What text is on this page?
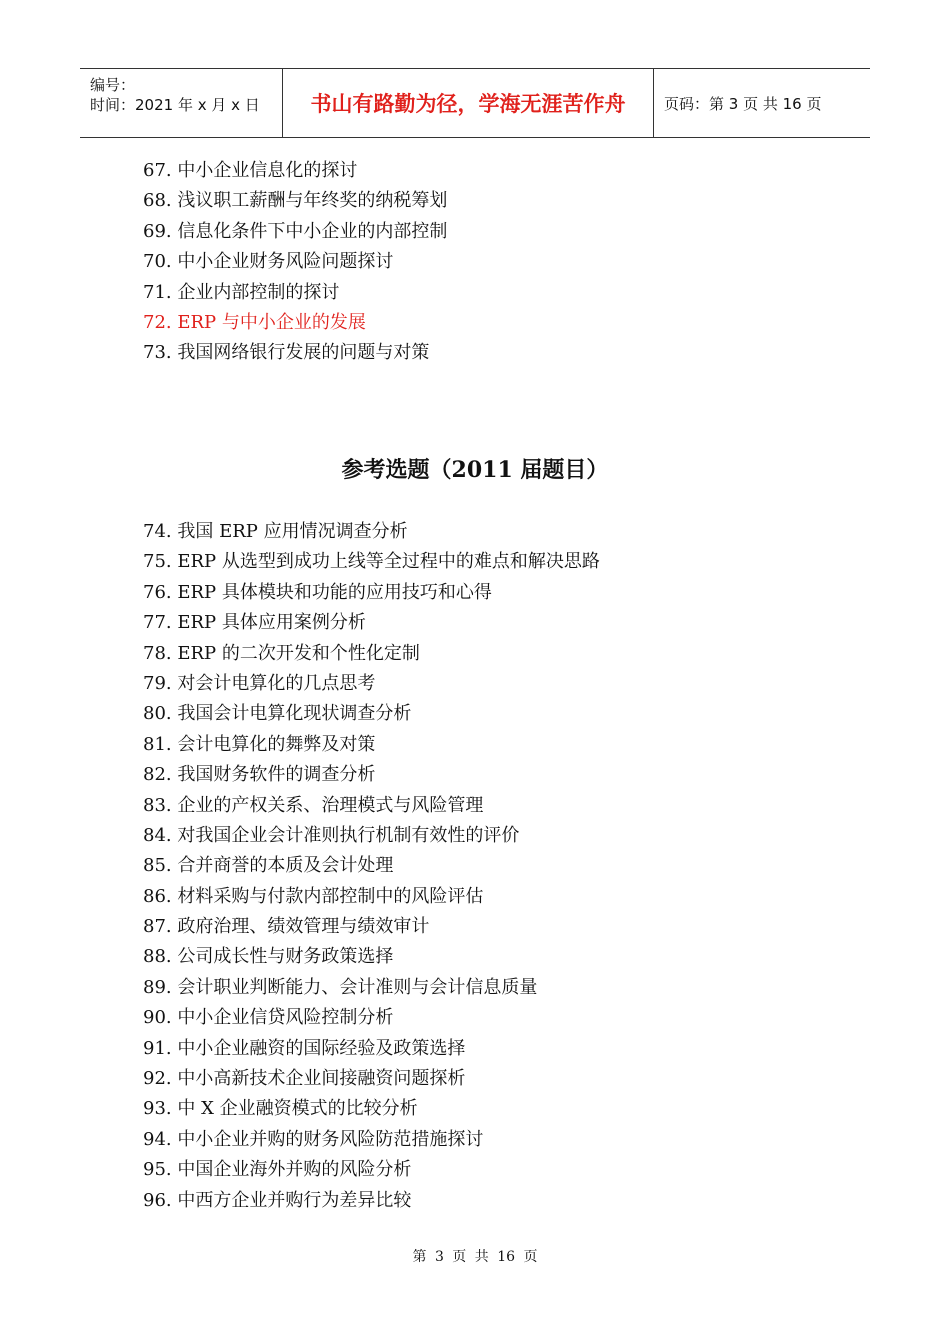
编号：
时间：2021 年 x 月 x 日	书山有路勤为径，学海无涯苦作舟	页码：第 3 页 共 16 页
67. 中小企业信息化的探讨
68. 浅议职工薪酬与年终奖的纳税筹划
69. 信息化条件下中小企业的内部控制
70. 中小企业财务风险问题探讨
71. 企业内部控制的探讨
72. ERP 与中小企业的发展
73. 我国网络银行发展的问题与对策
参考选题（2011 届题目）
74. 我国 ERP 应用情况调查分析
75. ERP 从选型到成功上线等全过程中的难点和解决思路
76. ERP 具体模块和功能的应用技巧和心得
77. ERP 具体应用案例分析
78. ERP 的二次开发和个性化定制
79. 对会计电算化的几点思考
80. 我国会计电算化现状调查分析
81. 会计电算化的舞弊及对策
82. 我国财务软件的调查分析
83. 企业的产权关系、治理模式与风险管理
84. 对我国企业会计准则执行机制有效性的评价
85. 合并商誉的本质及会计处理
86. 材料采购与付款内部控制中的风险评估
87. 政府治理、绩效管理与绩效审计
88. 公司成长性与财务政策选择
89. 会计职业判断能力、会计准则与会计信息质量
90. 中小企业信贷风险控制分析
91. 中小企业融资的国际经验及政策选择
92. 中小高新技术企业间接融资问题探析
93. 中 X 企业融资模式的比较分析
94. 中小企业并购的财务风险防范措施探讨
95. 中国企业海外并购的风险分析
96. 中西方企业并购行为差异比较
第 3 页 共 16 页
